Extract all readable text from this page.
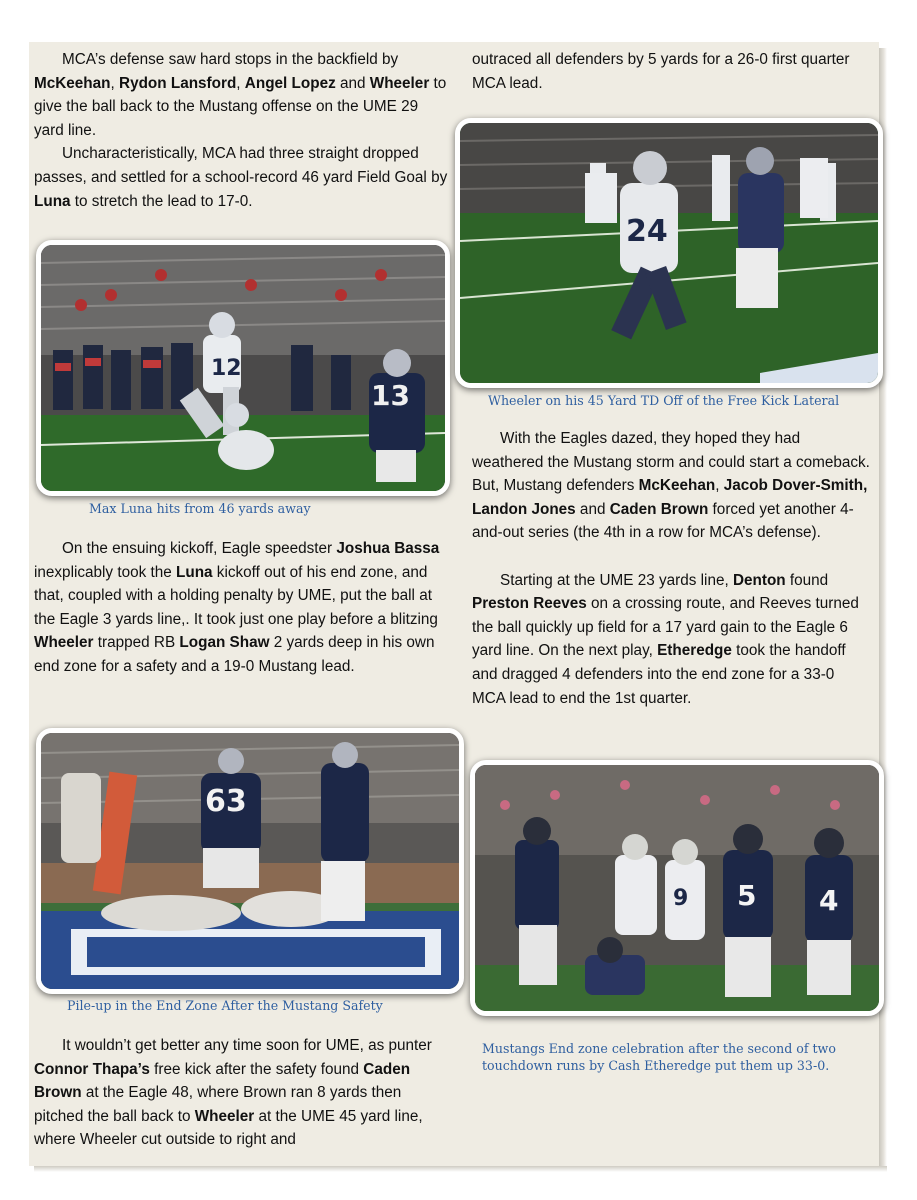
MCA’s defense saw hard stops in the backfield by McKeehan, Rydon Lansford, Angel Lopez and Wheeler to give the ball back to the Mustang offense on the UME 29 yard line.

Uncharacteristically, MCA had three straight dropped passes, and settled for a school-record 46 yard Field Goal by Luna to stretch the lead to 17-0.

12
13
Max Luna hits from 46 yards away

On the ensuing kickoff, Eagle speedster Joshua Bassa inexplicably took the Luna kickoff out of his end zone, and that, coupled with a holding penalty by UME, put the ball at the Eagle 3 yards line,. It took just one play before a blitzing Wheeler trapped RB Logan Shaw 2 yards deep in his own end zone for a safety and a 19-0 Mustang lead.

63
Pile-up in the End Zone After the Mustang Safety

It wouldn’t get better any time soon for UME, as punter Connor Thapa’s free kick after the safety found Caden Brown at the Eagle 48, where Brown ran 8 yards then pitched the ball back to Wheeler at the UME 45 yard line, where Wheeler cut outside to right and

outraced all defenders by 5 yards for a 26-0 first quarter MCA lead.

24
Wheeler on his 45 Yard TD Off of the Free Kick Lateral

With the Eagles dazed, they hoped they had weathered the Mustang storm and could start a comeback. But, Mustang defenders McKeehan, Jacob Dover-Smith, Landon Jones and Caden Brown forced yet another 4-and-out series (the 4th in a row for MCA’s defense).

Starting at the UME 23 yards line, Denton found Preston Reeves on a crossing route, and Reeves turned the ball quickly up field for a 17 yard gain to the Eagle 6 yard line. On the next play, Etheredge took the handoff and dragged 4 defenders into the end zone for a 33-0 MCA lead to end the 1st quarter.

9 5 4
Mustangs End zone celebration after the second of two touchdown runs by Cash Etheredge put them up 33-0.
